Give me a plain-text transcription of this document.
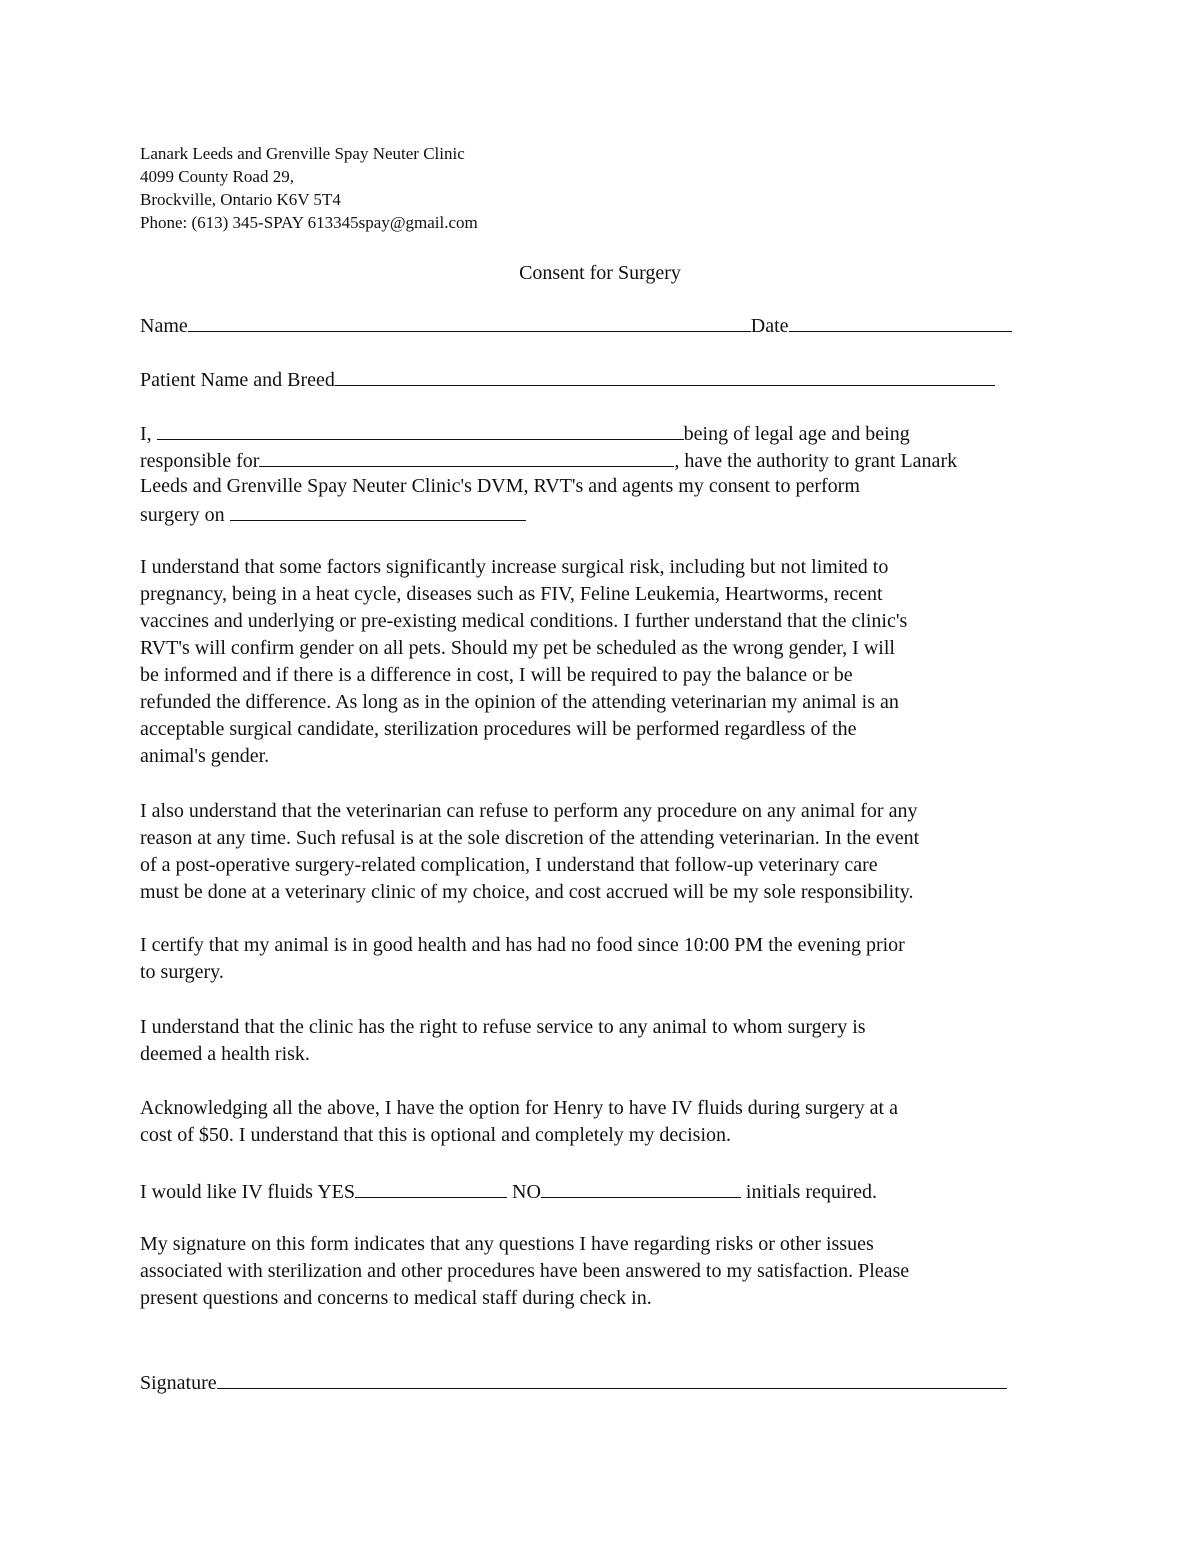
Lanark Leeds and Grenville Spay Neuter Clinic
4099 County Road 29,
Brockville, Ontario K6V 5T4
Phone: (613) 345-SPAY 613345spay@gmail.com
Consent for Surgery
Name	Date
Patient Name and Breed
I,	being of legal age and being
responsible for	, have the authority to grant Lanark
Leeds and Grenville Spay Neuter Clinic's DVM, RVT's and agents my consent to perform
surgery on
I understand that some factors significantly increase surgical risk, including but not limited to
pregnancy, being in a heat cycle, diseases such as FIV, Feline Leukemia, Heartworms, recent
vaccines and underlying or pre-existing medical conditions. I further understand that the clinic's
RVT's will confirm gender on all pets. Should my pet be scheduled as the wrong gender, I will
be informed and if there is a difference in cost, I will be required to pay the balance or be
refunded the difference. As long as in the opinion of the attending veterinarian my animal is an
acceptable surgical candidate, sterilization procedures will be performed regardless of the
animal's gender.
I also understand that the veterinarian can refuse to perform any procedure on any animal for any
reason at any time. Such refusal is at the sole discretion of the attending veterinarian. In the event
of a post-operative surgery-related complication, I understand that follow-up veterinary care
must be done at a veterinary clinic of my choice, and cost accrued will be my sole responsibility.
I certify that my animal is in good health and has had no food since 10:00 PM the evening prior
to surgery.
I understand that the clinic has the right to refuse service to any animal to whom surgery is
deemed a health risk.
Acknowledging all the above, I have the option for Henry to have IV fluids during surgery at a
cost of $50. I understand that this is optional and completely my decision.
I would like IV fluids YES	NO	initials required.
My signature on this form indicates that any questions I have regarding risks or other issues
associated with sterilization and other procedures have been answered to my satisfaction. Please
present questions and concerns to medical staff during check in.
Signature
